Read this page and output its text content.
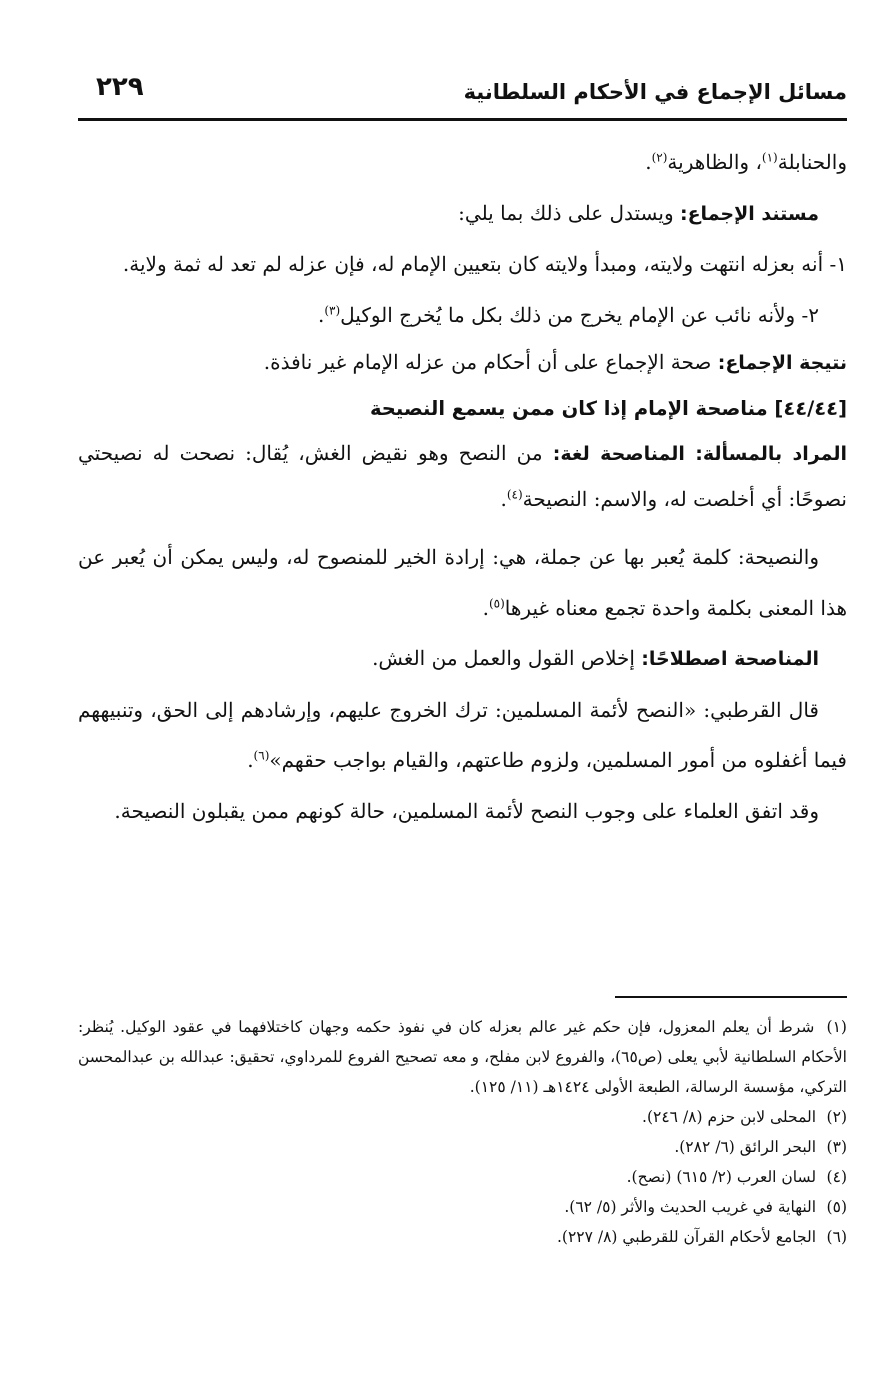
مسائل الإجماع في الأحكام السلطانية
٢٢٩

والحنابلة$^{(١)}$، والظاهرية$^{(٢)}$.

مستند الإجماع: ويستدل على ذلك بما يلي:

١- أنه بعزله انتهت ولايته، ومبدأ ولايته كان بتعيين الإمام له، فإن عزله لم تعد له ثمة ولاية.

٢- ولأنه نائب عن الإمام يخرج من ذلك بكل ما يُخرج الوكيل$^{(٣)}$.

نتيجة الإجماع: صحة الإجماع على أن أحكام من عزله الإمام غير نافذة.

[٤٤/٤٤] مناصحة الإمام إذا كان ممن يسمع النصيحة

المراد بالمسألة: المناصحة لغة: من النصح وهو نقيض الغش، يُقال: نصحت له نصيحتي نصوحًا: أي أخلصت له، والاسم: النصيحة$^{(٤)}$.

والنصيحة: كلمة يُعبر بها عن جملة، هي: إرادة الخير للمنصوح له، وليس يمكن أن يُعبر عن هذا المعنى بكلمة واحدة تجمع معناه غيرها$^{(٥)}$.

المناصحة اصطلاحًا: إخلاص القول والعمل من الغش.

قال القرطبي: «النصح لأئمة المسلمين: ترك الخروج عليهم، وإرشادهم إلى الحق، وتنبيههم فيما أغفلوه من أمور المسلمين، ولزوم طاعتهم، والقيام بواجب حقهم»$^{(٦)}$.

وقد اتفق العلماء على وجوب النصح لأئمة المسلمين، حالة كونهم ممن يقبلون النصيحة.

(١) شرط أن يعلم المعزول، فإن حكم غير عالم بعزله كان في نفوذ حكمه وجهان كاختلافهما في عقود الوكيل. يُنظر: الأحكام السلطانية لأبي يعلى (ص٦٥)، والفروع لابن مفلح، و معه تصحيح الفروع للمرداوي، تحقيق: عبدالله بن عبدالمحسن التركي، مؤسسة الرسالة، الطبعة الأولى ١٤٢٤هـ (١١/ ١٢٥).

(٢) المحلى لابن حزم (٨/ ٢٤٦).

(٣) البحر الرائق (٦/ ٢٨٢).

(٤) لسان العرب (٢/ ٦١٥) (نصح).

(٥) النهاية في غريب الحديث والأثر (٥/ ٦٢).

(٦) الجامع لأحكام القرآن للقرطبي (٨/ ٢٢٧).
